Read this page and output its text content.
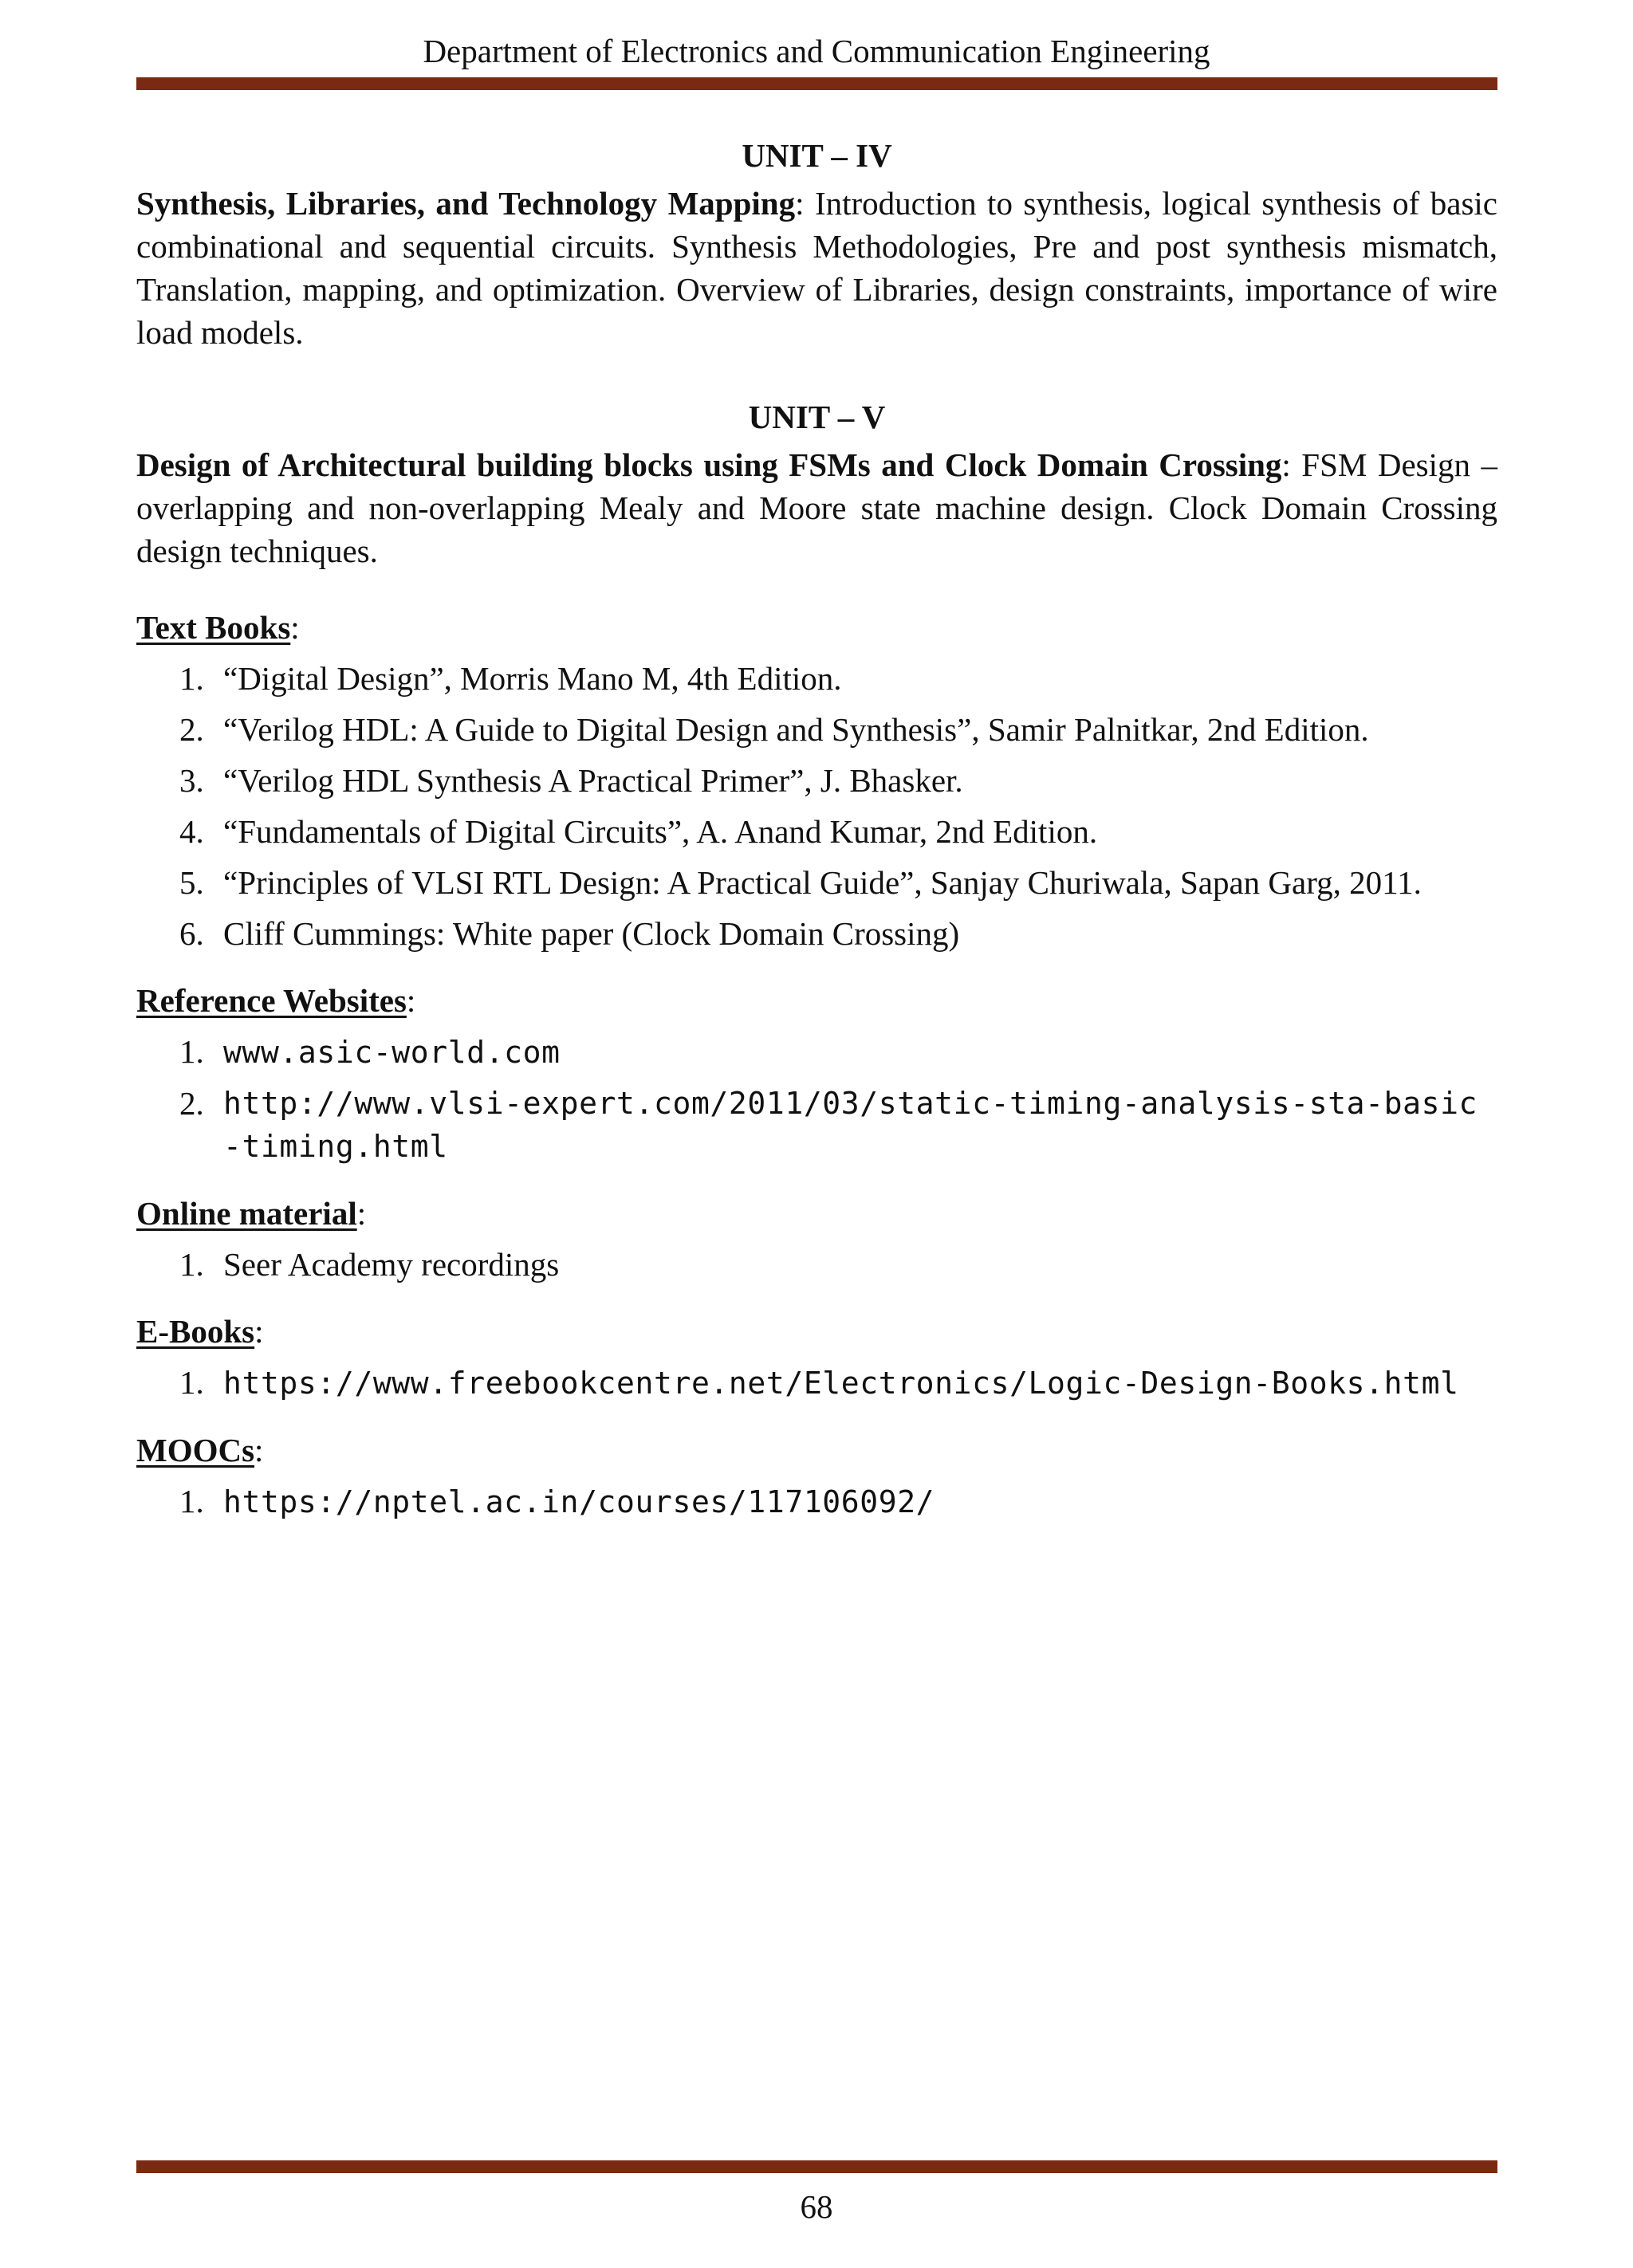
Department of Electronics and Communication Engineering
UNIT – IV

Synthesis, Libraries, and Technology Mapping: Introduction to synthesis, logical synthesis of basic combinational and sequential circuits. Synthesis Methodologies, Pre and post synthesis mismatch, Translation, mapping, and optimization. Overview of Libraries, design constraints, importance of wire load models.

UNIT – V

Design of Architectural building blocks using FSMs and Clock Domain Crossing: FSM Design – overlapping and non-overlapping Mealy and Moore state machine design. Clock Domain Crossing design techniques.

Text Books:
1. “Digital Design”, Morris Mano M, 4th Edition.
2. “Verilog HDL: A Guide to Digital Design and Synthesis”, Samir Palnitkar, 2nd Edition.
3. “Verilog HDL Synthesis A Practical Primer”, J. Bhasker.
4. “Fundamentals of Digital Circuits”, A. Anand Kumar, 2nd Edition.
5. “Principles of VLSI RTL Design: A Practical Guide”, Sanjay Churiwala, Sapan Garg, 2011.
6. Cliff Cummings: White paper (Clock Domain Crossing)
Reference Websites:
1. www.asic-world.com
2. http://www.vlsi-expert.com/2011/03/static-timing-analysis-sta-basic
-timing.html
Online material:
1. Seer Academy recordings
E-Books:
1. https://www.freebookcentre.net/Electronics/Logic-Design-Books.html
MOOCs:
1. https://nptel.ac.in/courses/117106092/
68
